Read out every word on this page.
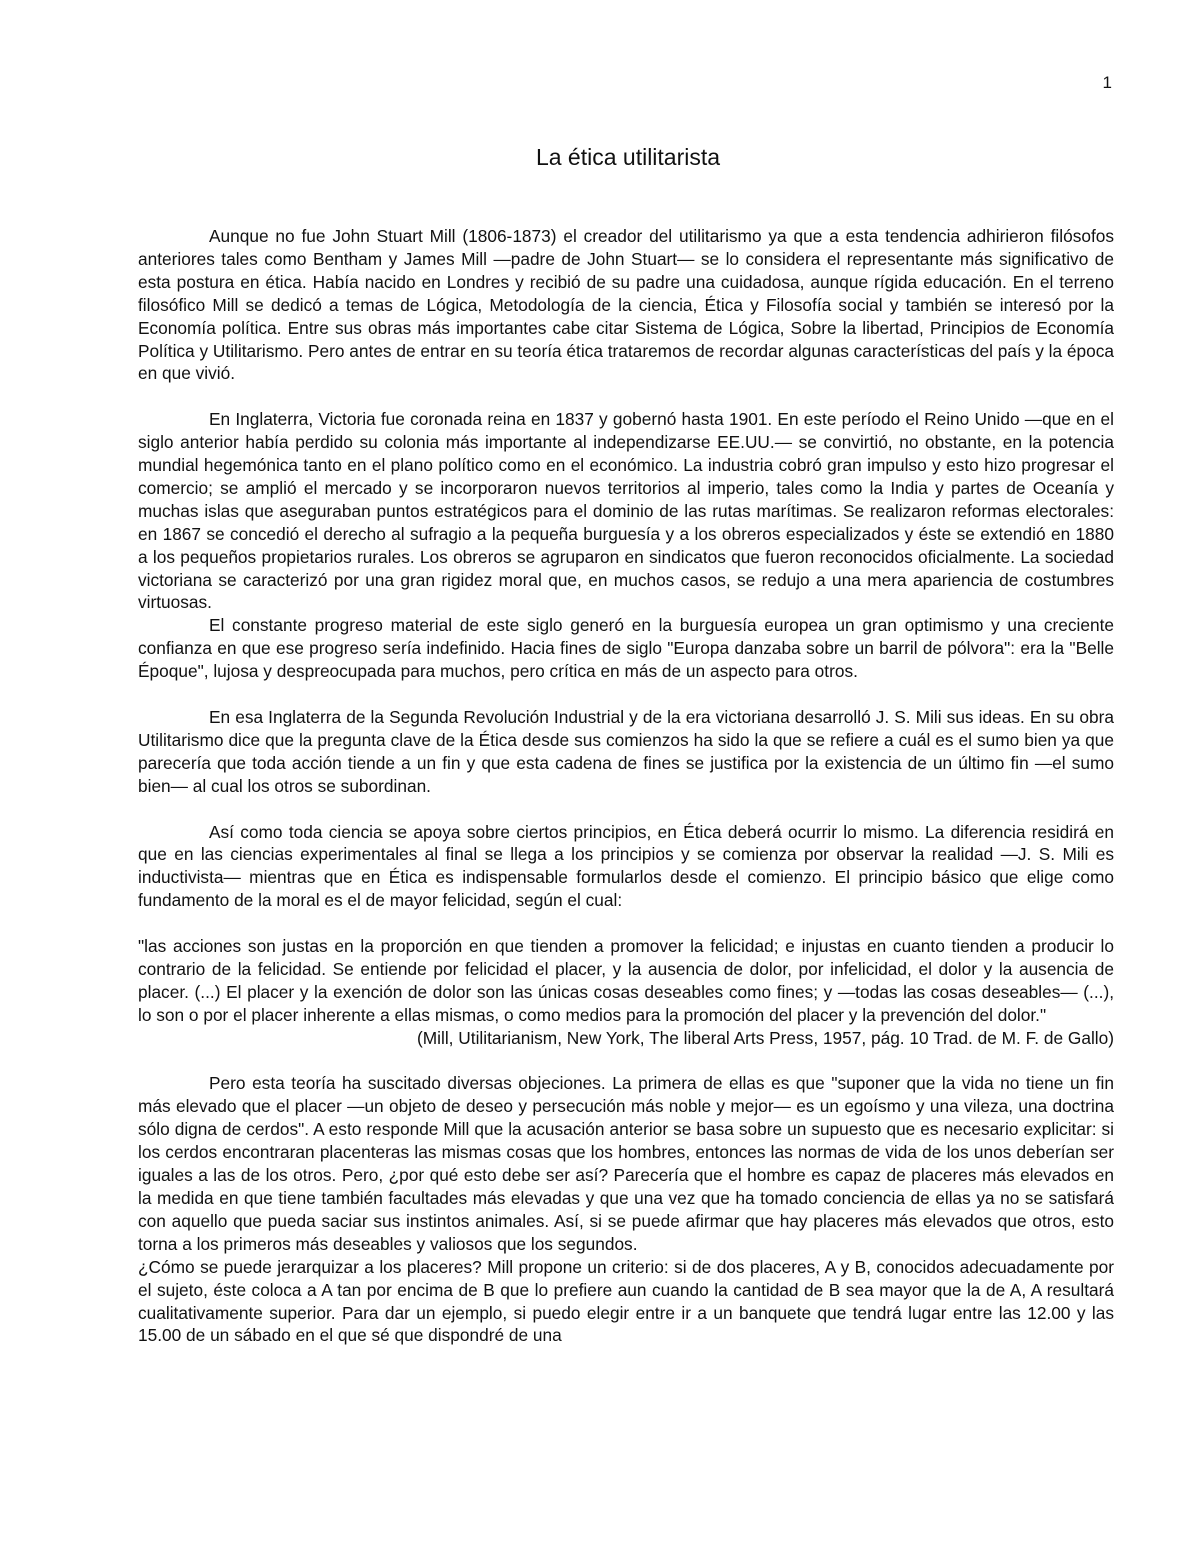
1
La ética utilitarista

Aunque no fue John Stuart Mill (1806-1873) el creador del utilitarismo ya que a esta tendencia adhirieron filósofos anteriores tales como Bentham y James Mill —padre de John Stuart— se lo considera el representante más significativo de esta postura en ética. Había nacido en Londres y recibió de su padre una cuidadosa, aunque rígida educación. En el terreno filosófico Mill se dedicó a temas de Lógica, Metodología de la ciencia, Ética y Filosofía social y también se interesó por la Economía política. Entre sus obras más importantes cabe citar Sistema de Lógica, Sobre la libertad, Principios de Economía Política y Utilitarismo. Pero antes de entrar en su teoría ética trataremos de recordar algunas características del país y la época en que vivió.

En Inglaterra, Victoria fue coronada reina en 1837 y gobernó hasta 1901. En este período el Reino Unido —que en el siglo anterior había perdido su colonia más importante al independizarse EE.UU.— se convirtió, no obstante, en la potencia mundial hegemónica tanto en el plano político como en el económico. La industria cobró gran impulso y esto hizo progresar el comercio; se amplió el mercado y se incorporaron nuevos territorios al imperio, tales como la India y partes de Oceanía y muchas islas que aseguraban puntos estratégicos para el dominio de las rutas marítimas. Se realizaron reformas electorales: en 1867 se concedió el derecho al sufragio a la pequeña burguesía y a los obreros especializados y éste se extendió en 1880 a los pequeños propietarios rurales. Los obreros se agruparon en sindicatos que fueron reconocidos oficialmente. La sociedad victoriana se caracterizó por una gran rigidez moral que, en muchos casos, se redujo a una mera apariencia de costumbres virtuosas.

El constante progreso material de este siglo generó en la burguesía europea un gran optimismo y una creciente confianza en que ese progreso sería indefinido. Hacia fines de siglo "Europa danzaba sobre un barril de pólvora": era la "Belle Époque", lujosa y despreocupada para muchos, pero crítica en más de un aspecto para otros.

En esa Inglaterra de la Segunda Revolución Industrial y de la era victoriana desarrolló J. S. Mili sus ideas. En su obra Utilitarismo dice que la pregunta clave de la Ética desde sus comienzos ha sido la que se refiere a cuál es el sumo bien ya que parecería que toda acción tiende a un fin y que esta cadena de fines se justifica por la existencia de un último fin —el sumo bien— al cual los otros se subordinan.

Así como toda ciencia se apoya sobre ciertos principios, en Ética deberá ocurrir lo mismo. La diferencia residirá en que en las ciencias experimentales al final se llega a los principios y se comienza por observar la realidad —J. S. Mili es inductivista— mientras que en Ética es indispensable formularlos desde el comienzo. El principio básico que elige como fundamento de la moral es el de mayor felicidad, según el cual:

"las acciones son justas en la proporción en que tienden a promover la felicidad; e injustas en cuanto tienden a producir lo contrario de la felicidad. Se entiende por felicidad el placer, y la ausencia de dolor, por infelicidad, el dolor y la ausencia de placer. (...) El placer y la exención de dolor son las únicas cosas deseables como fines; y —todas las cosas deseables— (...), lo son o por el placer inherente a ellas mismas, o como medios para la promoción del placer y la prevención del dolor."

(Mill, Utilitarianism, New York, The liberal Arts Press, 1957, pág. 10 Trad. de M. F. de Gallo)

Pero esta teoría ha suscitado diversas objeciones. La primera de ellas es que "suponer que la vida no tiene un fin más elevado que el placer —un objeto de deseo y persecución más noble y mejor— es un egoísmo y una vileza, una doctrina sólo digna de cerdos". A esto responde Mill que la acusación anterior se basa sobre un supuesto que es necesario explicitar: si los cerdos encontraran placenteras las mismas cosas que los hombres, entonces las normas de vida de los unos deberían ser iguales a las de los otros. Pero, ¿por qué esto debe ser así? Parecería que el hombre es capaz de placeres más elevados en la medida en que tiene también facultades más elevadas y que una vez que ha tomado conciencia de ellas ya no se satisfará con aquello que pueda saciar sus instintos animales. Así, si se puede afirmar que hay placeres más elevados que otros, esto torna a los primeros más deseables y valiosos que los segundos.

¿Cómo se puede jerarquizar a los placeres? Mill propone un criterio: si de dos placeres, A y B, conocidos adecuadamente por el sujeto, éste coloca a A tan por encima de B que lo prefiere aun cuando la cantidad de B sea mayor que la de A, A resultará cualitativamente superior. Para dar un ejemplo, si puedo elegir entre ir a un banquete que tendrá lugar entre las 12.00 y las 15.00 de un sábado en el que sé que dispondré de una
